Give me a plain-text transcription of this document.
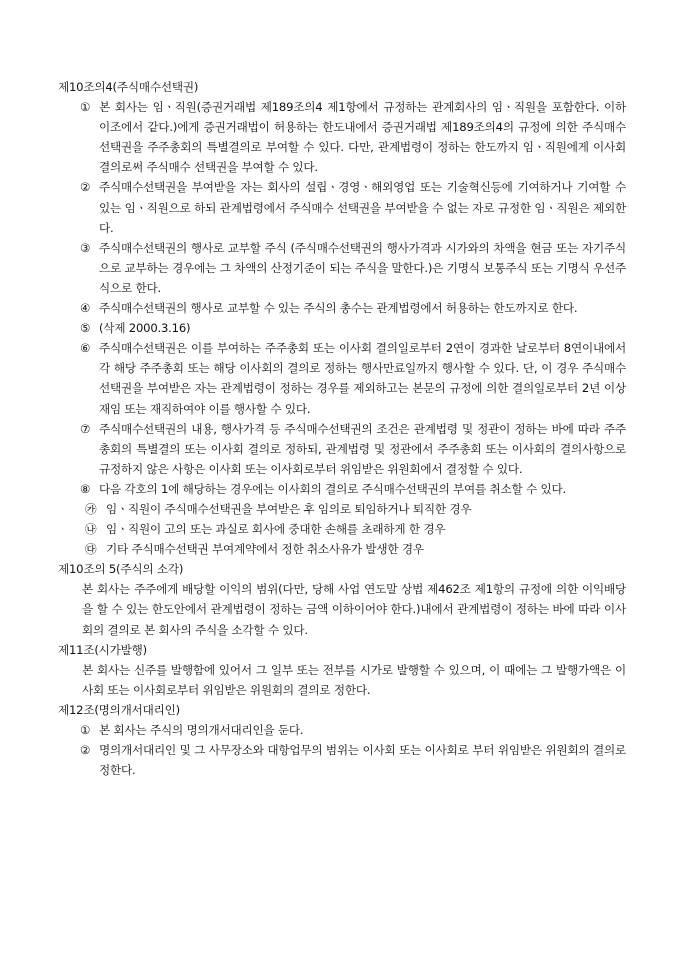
제10조의4(주식매수선택권)
① 본 회사는 임ㆍ직원(증권거래법 제189조의4 제1항에서 규정하는 관계회사의 임ㆍ직원을 포함한다. 이하 이조에서 같다.)에게 증권거래법이 허용하는 한도내에서 증권거래법 제189조의4의 규정에 의한 주식매수선택권을 주주총회의 특별결의로 부여할 수 있다. 다만, 관계법령이 정하는 한도까지 임ㆍ직원에게 이사회 결의로써 주식매수 선택권을 부여할 수 있다.
② 주식매수선택권을 부여받을 자는 회사의 설립ㆍ경영ㆍ해외영업 또는 기술혁신등에 기여하거나 기여할 수 있는 임ㆍ직원으로 하되 관계법령에서 주식매수 선택권을 부여받을 수 없는 자로 규정한 임ㆍ직원은 제외한다.
③ 주식매수선택권의 행사로 교부할 주식 (주식매수선택권의 행사가격과 시가와의 차액을 현금 또는 자기주식으로 교부하는 경우에는 그 차액의 산정기준이 되는 주식을 말한다.)은 기명식 보통주식 또는 기명식 우선주식으로 한다.
④ 주식매수선택권의 행사로 교부할 수 있는 주식의 총수는 관계법령에서 허용하는 한도까지로 한다.
⑤ (삭제 2000.3.16)
⑥ 주식매수선택권은 이를 부여하는 주주총회 또는 이사회 결의일로부터 2연이 경과한 날로부터 8연이내에서 각 해당 주주총회 또는 해당 이사회의 결의로 정하는 행사만료일까지 행사할 수 있다. 단, 이 경우 주식매수선택권을 부여받은 자는 관계법령이 정하는 경우를 제외하고는 본문의 규정에 의한 결의일로부터 2년 이상 재임 또는 재직하여야 이를 행사할 수 있다.
⑦ 주식매수선택권의 내용, 행사가격 등 주식매수선택권의 조건은 관계법령 및 정관이 정하는 바에 따라 주주총회의 특별결의 또는 이사회 결의로 정하되, 관계법령 및 정관에서 주주총회 또는 이사회의 결의사항으로 규정하지 않은 사항은 이사회 또는 이사회로부터 위임받은 위원회에서 결정할 수 있다.
⑧ 다음 각호의 1에 해당하는 경우에는 이사회의 결의로 주식매수선택권의 부여를 취소할 수 있다.
㉮ 임ㆍ직원이 주식매수선택권을 부여받은 후 임의로 퇴임하거나 퇴직한 경우
㉯ 임ㆍ직원이 고의 또는 과실로 회사에 중대한 손해를 초래하게 한 경우
㉰ 기타 주식매수선택권 부여계약에서 정한 취소사유가 발생한 경우
제10조의 5(주식의 소각)
본 회사는 주주에게 배당할 이익의 범위(다만, 당해 사업 연도말 상법 제462조 제1항의 규정에 의한 이익배당을 할 수 있는 한도안에서 관계법령이 정하는 금액 이하이어야 한다.)내에서 관계법령이 정하는 바에 따라 이사회의 결의로 본 회사의 주식을 소각할 수 있다.
제11조(시가발행)
본 회사는 신주를 발행함에 있어서 그 일부 또는 전부를 시가로 발행할 수 있으며, 이 때에는 그 발행가액은 이사회 또는 이사회로부터 위임받은 위원회의 결의로 정한다.
제12조(명의개서대리인)
① 본 회사는 주식의 명의개서대리인을 둔다.
② 명의개서대리인 및 그 사무장소와 대항업무의 범위는 이사회 또는 이사회로 부터 위임받은 위원회의 결의로 정한다.
